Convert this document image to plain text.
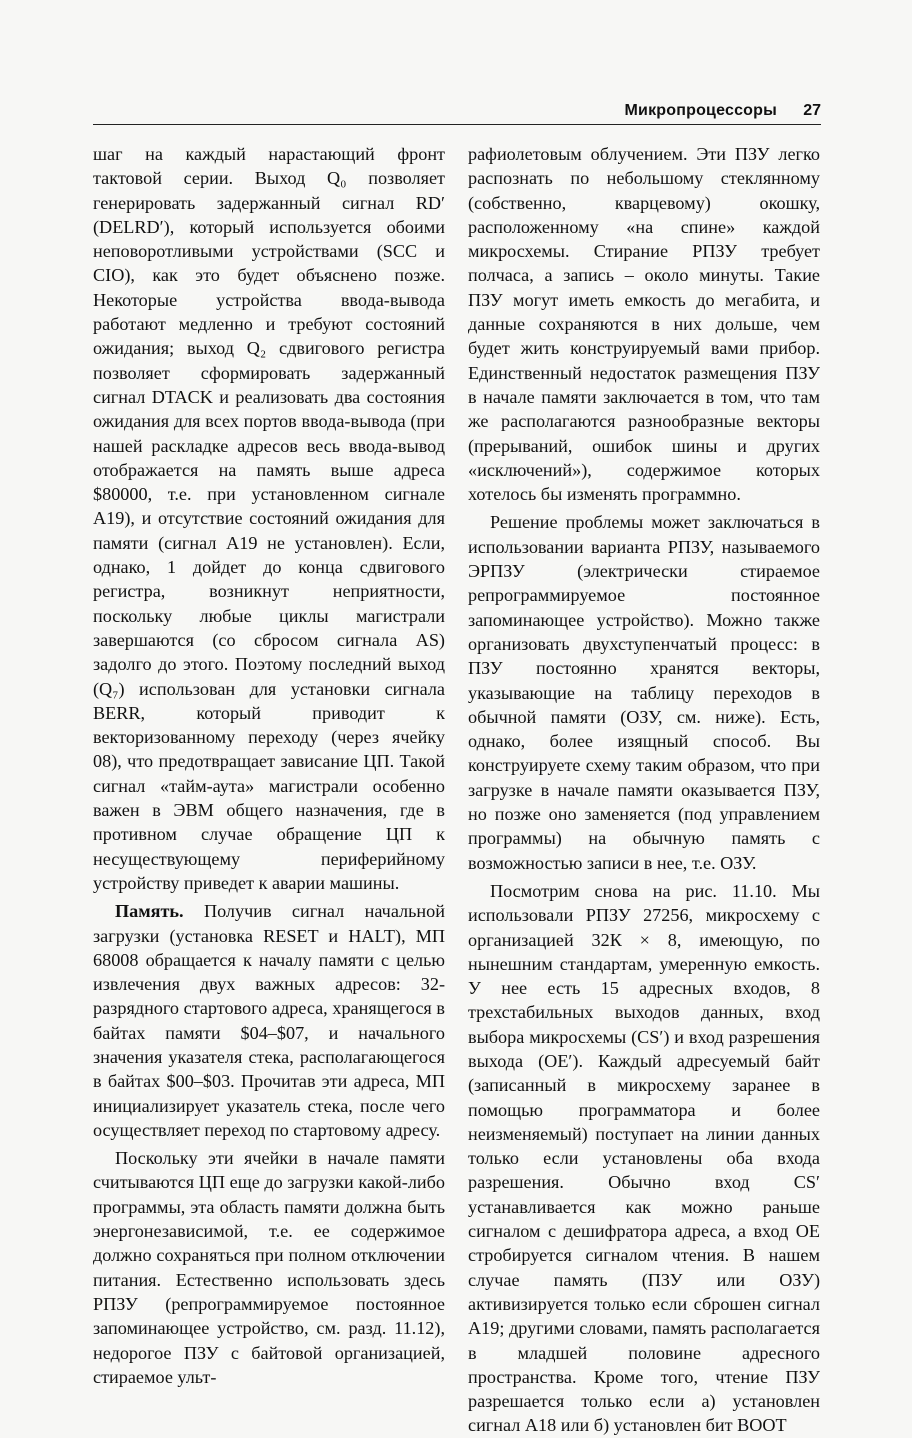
Микропроцессоры 27

шаг на каждый нарастающий фронт тактовой серии. Выход Q₀ позволяет генерировать задержанный сигнал RD′ (DELRD′), который используется обоими неповоротливыми устройствами (SCC и CIO), как это будет объяснено позже. Некоторые устройства ввода-вывода работают медленно и требуют состояний ожидания; выход Q₂ сдвигового регистра позволяет сформировать задержанный сигнал DTACK и реализовать два состояния ожидания для всех портов ввода-вывода (при нашей раскладке адресов весь ввода-вывод отображается на память выше адреса $80000, т.е. при установленном сигнале A19), и отсутствие состояний ожидания для памяти (сигнал A19 не установлен). Если, однако, 1 дойдет до конца сдвигового регистра, возникнут неприятности, поскольку любые циклы магистрали завершаются (со сбросом сигнала AS) задолго до этого. Поэтому последний выход (Q₇) использован для установки сигнала BERR, который приводит к векторизованному переходу (через ячейку 08), что предотвращает зависание ЦП. Такой сигнал «тайм-аута» магистрали особенно важен в ЭВМ общего назначения, где в противном случае обращение ЦП к несуществующему периферийному устройству приведет к аварии машины.

Память. Получив сигнал начальной загрузки (установка RESET и HALT), МП 68008 обращается к началу памяти с целью извлечения двух важных адресов: 32-разрядного стартового адреса, хранящегося в байтах памяти $04–$07, и начального значения указателя стека, располагающегося в байтах $00–$03. Прочитав эти адреса, МП инициализирует указатель стека, после чего осуществляет переход по стартовому адресу.

Поскольку эти ячейки в начале памяти считываются ЦП еще до загрузки какой-либо программы, эта область памяти должна быть энергонезависимой, т.е. ее содержимое должно сохраняться при полном отключении питания. Естественно использовать здесь РПЗУ (репрограммируемое постоянное запоминающее устройство, см. разд. 11.12), недорогое ПЗУ с байтовой организацией, стираемое ульт-

рафиолетовым облучением. Эти ПЗУ легко распознать по небольшому стеклянному (собственно, кварцевому) окошку, расположенному «на спине» каждой микросхемы. Стирание РПЗУ требует полчаса, а запись – около минуты. Такие ПЗУ могут иметь емкость до мегабита, и данные сохраняются в них дольше, чем будет жить конструируемый вами прибор. Единственный недостаток размещения ПЗУ в начале памяти заключается в том, что там же располагаются разнообразные векторы (прерываний, ошибок шины и других «исключений»), содержимое которых хотелось бы изменять программно.

Решение проблемы может заключаться в использовании варианта РПЗУ, называемого ЭРПЗУ (электрически стираемое репрограммируемое постоянное запоминающее устройство). Можно также организовать двухступенчатый процесс: в ПЗУ постоянно хранятся векторы, указывающие на таблицу переходов в обычной памяти (ОЗУ, см. ниже). Есть, однако, более изящный способ. Вы конструируете схему таким образом, что при загрузке в начале памяти оказывается ПЗУ, но позже оно заменяется (под управлением программы) на обычную память с возможностью записи в нее, т.е. ОЗУ.

Посмотрим снова на рис. 11.10. Мы использовали РПЗУ 27256, микросхему с организацией 32К × 8, имеющую, по нынешним стандартам, умеренную емкость. У нее есть 15 адресных входов, 8 трехстабильных выходов данных, вход выбора микросхемы (CS′) и вход разрешения выхода (OE′). Каждый адресуемый байт (записанный в микросхему заранее в помощью программатора и более неизменяемый) поступает на линии данных только если установлены оба входа разрешения. Обычно вход CS′ устанавливается как можно раньше сигналом с дешифратора адреса, а вход OE стробируется сигналом чтения. В нашем случае память (ПЗУ или ОЗУ) активизируется только если сброшен сигнал A19; другими словами, память располагается в младшей половине адресного пространства. Кроме того, чтение ПЗУ разрешается только если а) установлен сигнал A18 или б) установлен бит BOOT
